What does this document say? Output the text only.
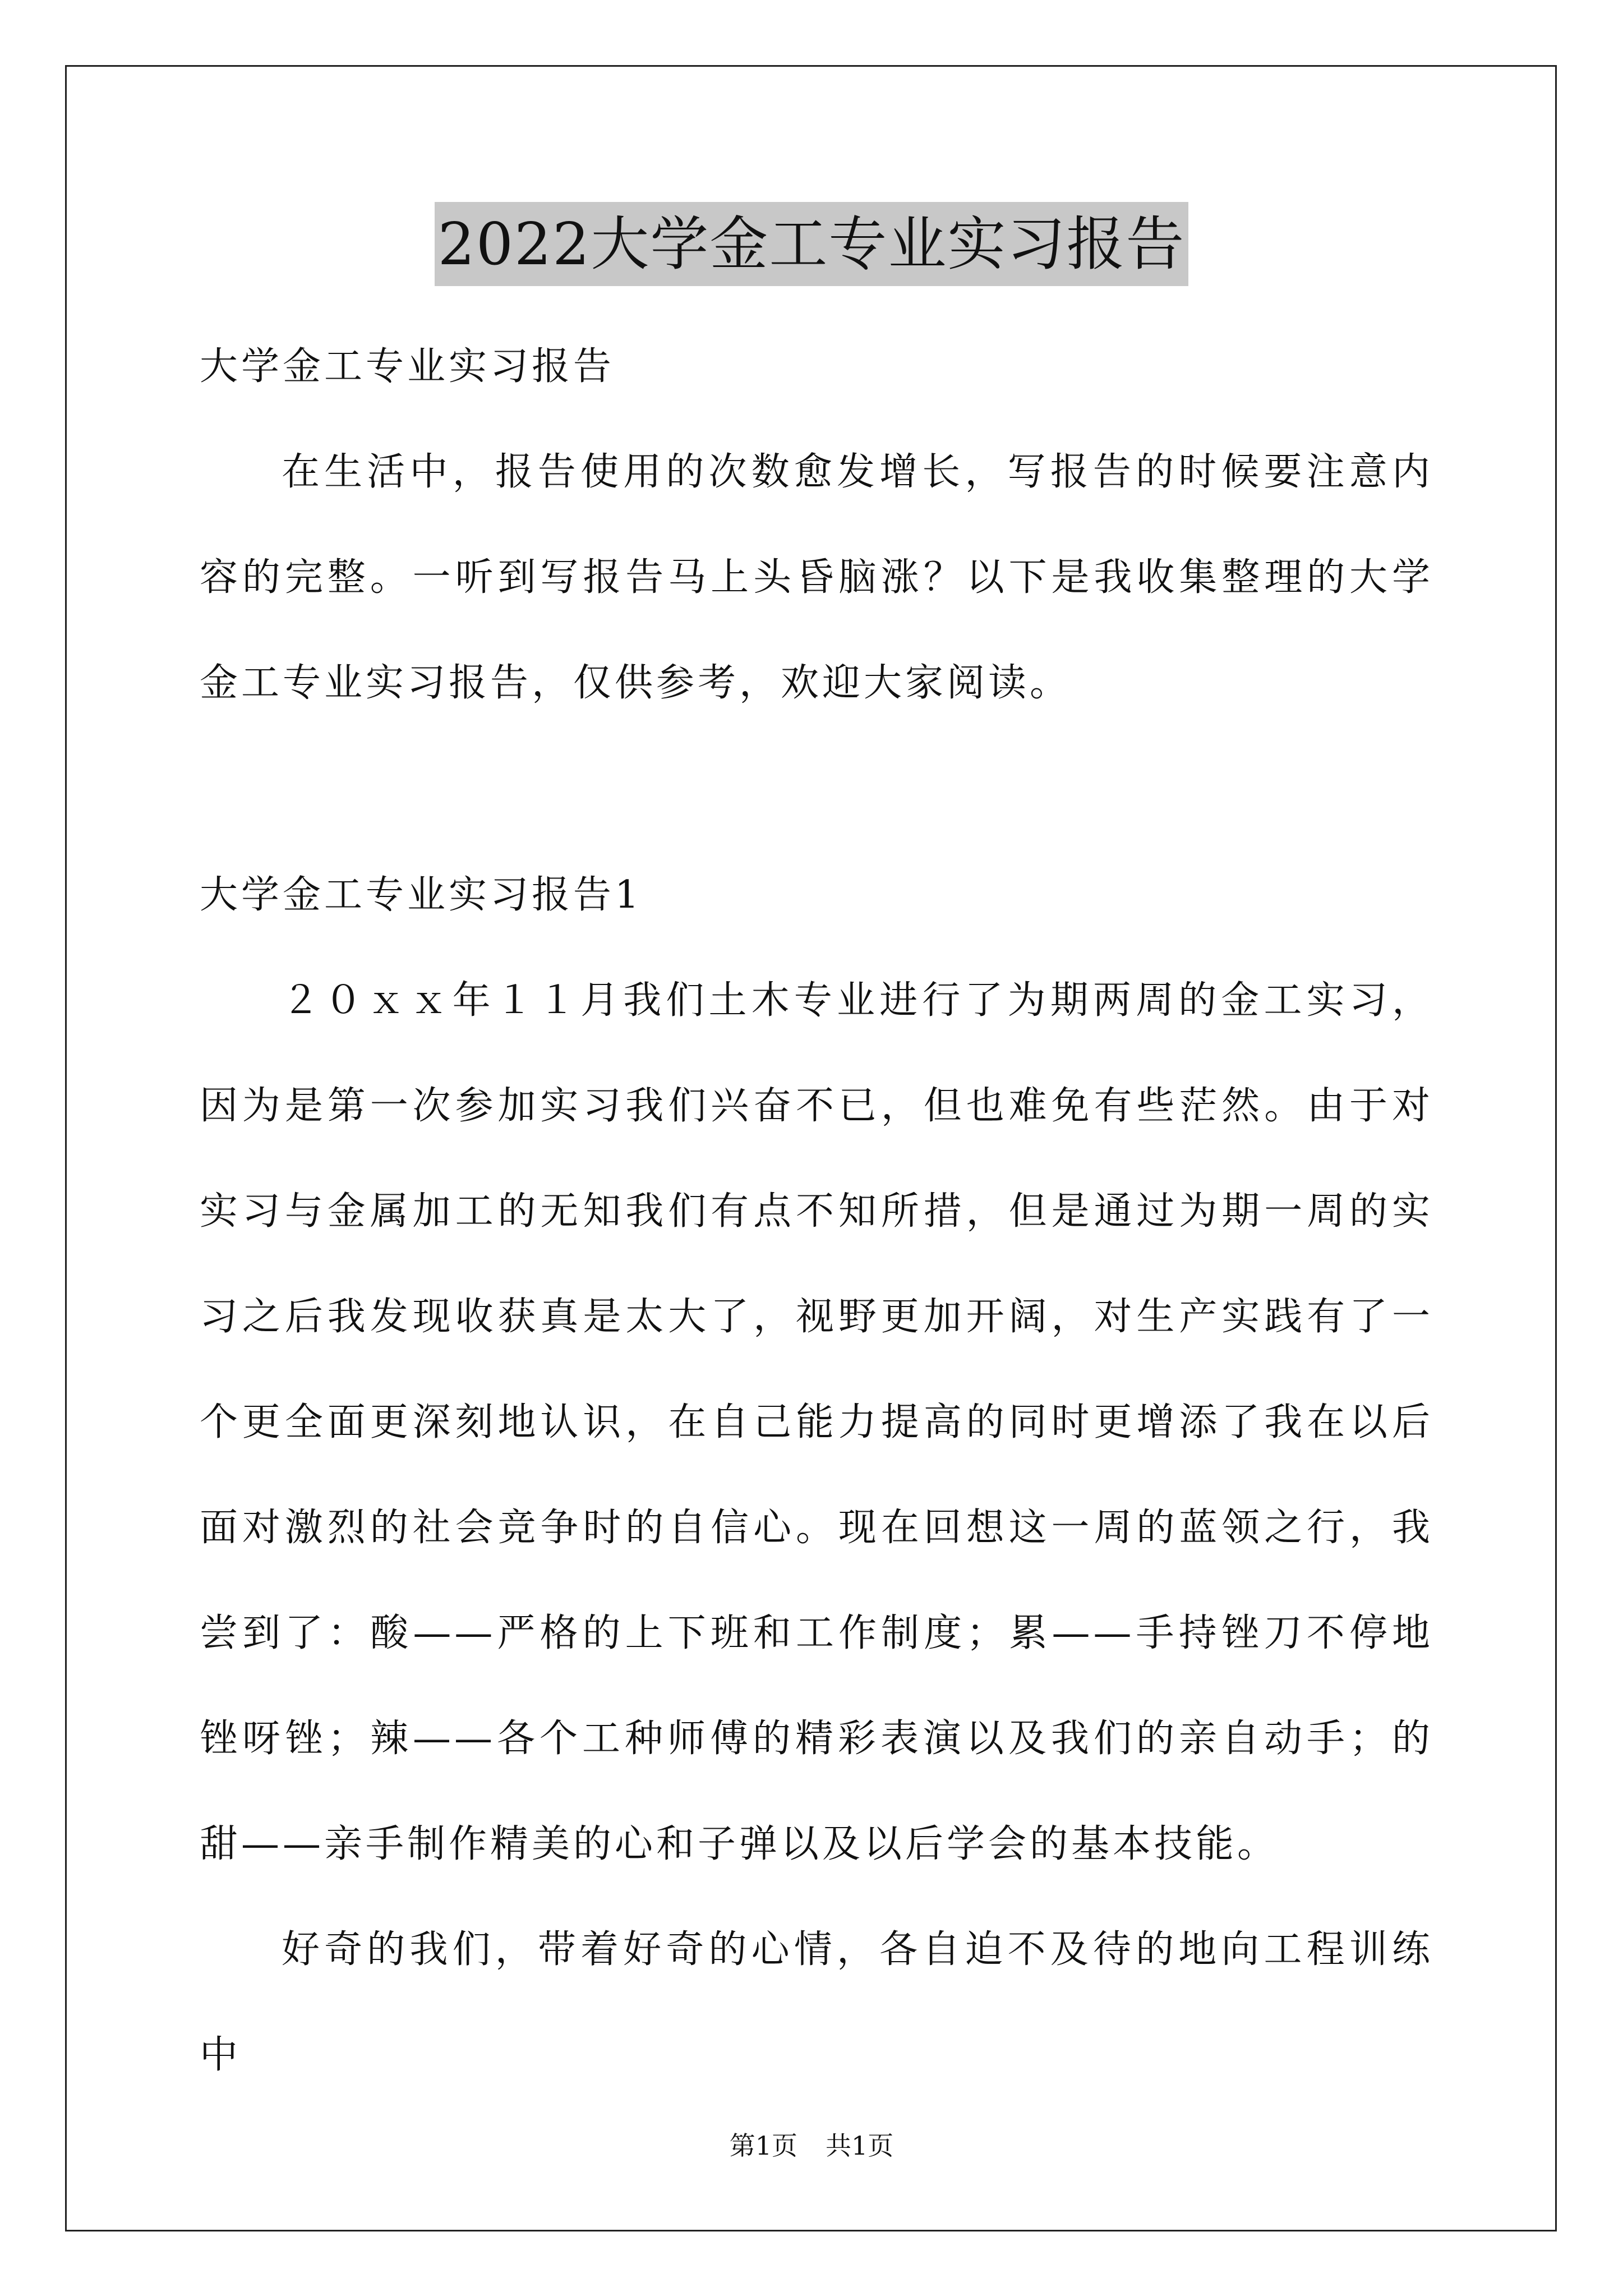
2022大学金工专业实习报告

大学金工专业实习报告

在生活中，报告使用的次数愈发增长，写报告的时候要注意内容的完整。一听到写报告马上头昏脑涨？以下是我收集整理的大学金工专业实习报告，仅供参考，欢迎大家阅读。

大学金工专业实习报告1

２０ｘｘ年１１月我们土木专业进行了为期两周的金工实习，因为是第一次参加实习我们兴奋不已，但也难免有些茫然。由于对实习与金属加工的无知我们有点不知所措，但是通过为期一周的实习之后我发现收获真是太大了，视野更加开阔，对生产实践有了一个更全面更深刻地认识，在自己能力提高的同时更增添了我在以后面对激烈的社会竞争时的自信心。现在回想这一周的蓝领之行，我尝到了：酸——严格的上下班和工作制度；累——手持锉刀不停地锉呀锉；辣——各个工种师傅的精彩表演以及我们的亲自动手；的甜——亲手制作精美的心和子弹以及以后学会的基本技能。

好奇的我们，带着好奇的心情，各自迫不及待的地向工程训练中

第1页 共1页
